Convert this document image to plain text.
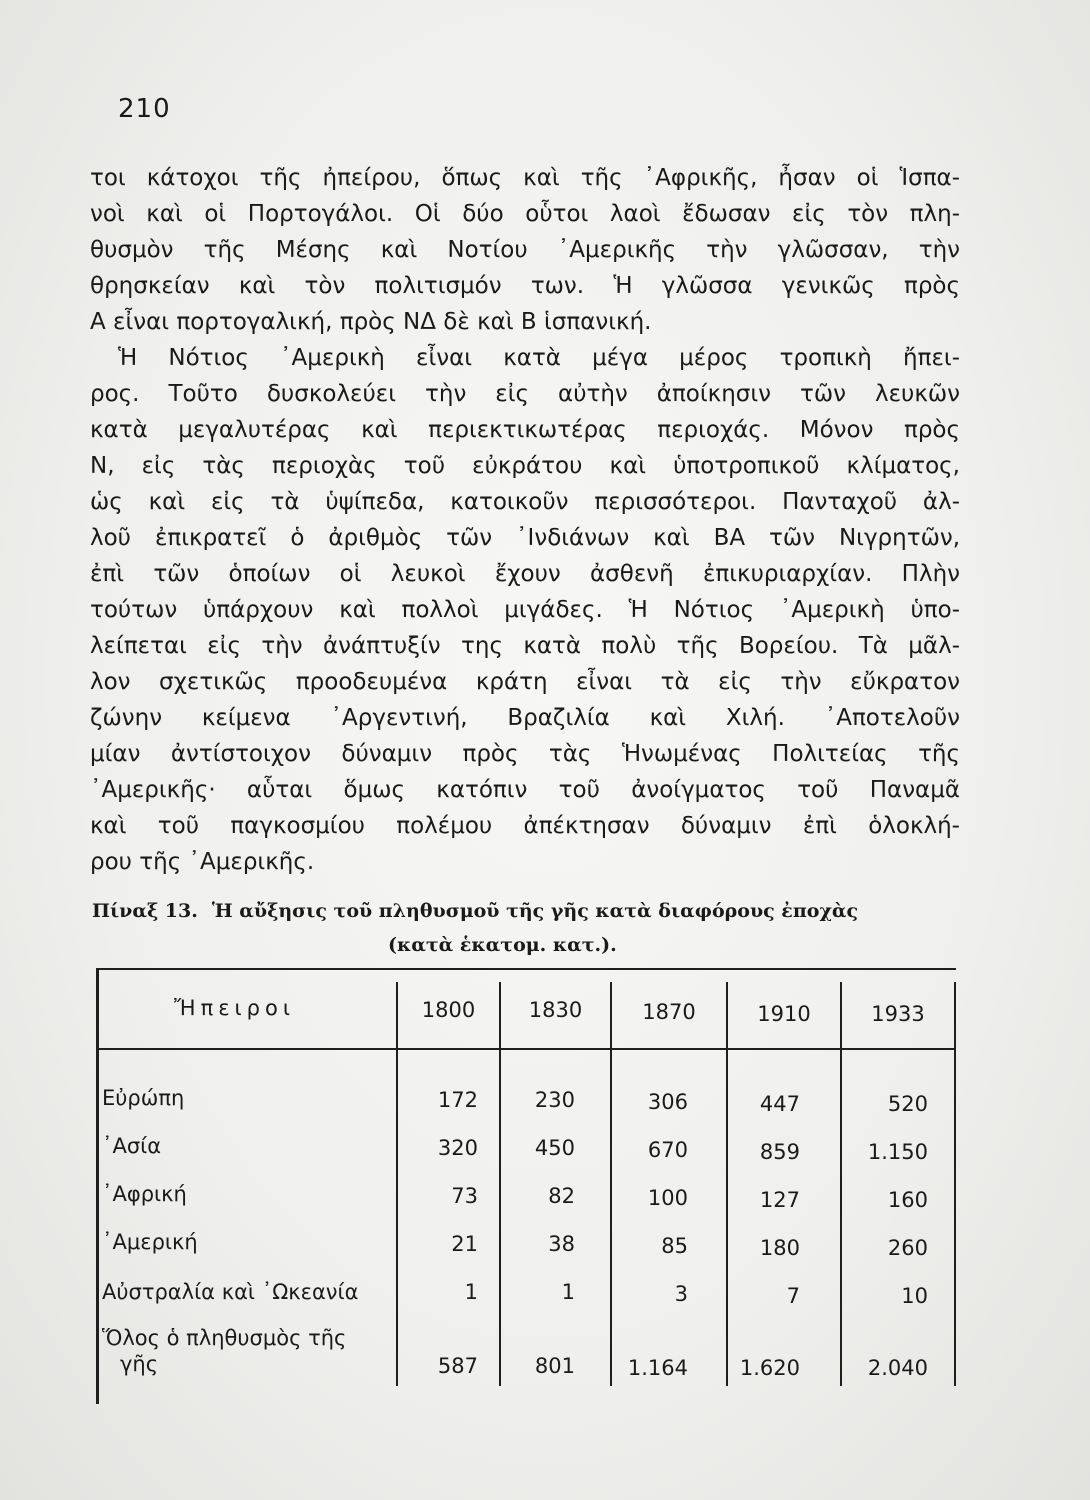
210
τοι κάτοχοι τῆς ἠπείρου, ὅπως καὶ τῆς ᾿Αφρικῆς, ἦσαν οἱ Ἱσπα-
νοὶ καὶ οἱ Πορτογάλοι. Οἱ δύο οὗτοι λαοὶ ἔδωσαν εἰς τὸν πλη-
θυσμὸν τῆς Μέσης καὶ Νοτίου ᾿Αμερικῆς τὴν γλῶσσαν, τὴν
θρησκείαν καὶ τὸν πολιτισμόν των. Ἡ γλῶσσα γενικῶς πρὸς
Α εἶναι πορτογαλική, πρὸς ΝΔ δὲ καὶ Β ἱσπανική.
Ἡ Νότιος ᾿Αμερικὴ εἶναι κατὰ μέγα μέρος τροπικὴ ἤπει-
ρος. Τοῦτο δυσκολεύει τὴν εἰς αὐτὴν ἀποίκησιν τῶν λευκῶν
κατὰ μεγαλυτέρας καὶ περιεκτικωτέρας περιοχάς. Μόνον πρὸς
Ν, εἰς τὰς περιοχὰς τοῦ εὐκράτου καὶ ὑποτροπικοῦ κλίματος,
ὡς καὶ εἰς τὰ ὑψίπεδα, κατοικοῦν περισσότεροι. Πανταχοῦ ἀλ-
λοῦ ἐπικρατεῖ ὁ ἀριθμὸς τῶν ᾿Ινδιάνων καὶ ΒΑ τῶν Νιγρητῶν,
ἐπὶ τῶν ὁποίων οἱ λευκοὶ ἔχουν ἀσθενῆ ἐπικυριαρχίαν. Πλὴν
τούτων ὑπάρχουν καὶ πολλοὶ μιγάδες. Ἡ Νότιος ᾿Αμερικὴ ὑπο-
λείπεται εἰς τὴν ἀνάπτυξίν της κατὰ πολὺ τῆς Βορείου. Τὰ μᾶλ-
λον σχετικῶς προοδευμένα κράτη εἶναι τὰ εἰς τὴν εὔκρατον
ζώνην κείμενα ᾿Αργεντινή, Βραζιλία καὶ Χιλή. ᾿Αποτελοῦν
μίαν ἀντίστοιχον δύναμιν πρὸς τὰς Ἡνωμένας Πολιτείας τῆς
᾿Αμερικῆς· αὗται ὅμως κατόπιν τοῦ ἀνοίγματος τοῦ Παναμᾶ
καὶ τοῦ παγκοσμίου πολέμου ἀπέκτησαν δύναμιν ἐπὶ ὁλοκλή-
ρου τῆς ᾿Αμερικῆς.
Πίναξ 13. Ἡ αὔξησις τοῦ πληθυσμοῦ τῆς γῆς κατὰ διαφόρους ἐποχὰς
(κατὰ ἑκατομ. κατ.).
Ἤπειροι	1800	1830	1870	1910	1933
Εὐρώπη	172	230	306	447	520
᾿Ασία	320	450	670	859	1.150
᾿Αφρική	73	82	100	127	160
᾿Αμερική	21	38	85	180	260
Αὐστραλία καὶ ᾿Ωκεανία	1	1	3	7	10
Ὅλος ὁ πληθυσμὸς τῆς
γῆς	587	801	1.164	1.620	2.040
